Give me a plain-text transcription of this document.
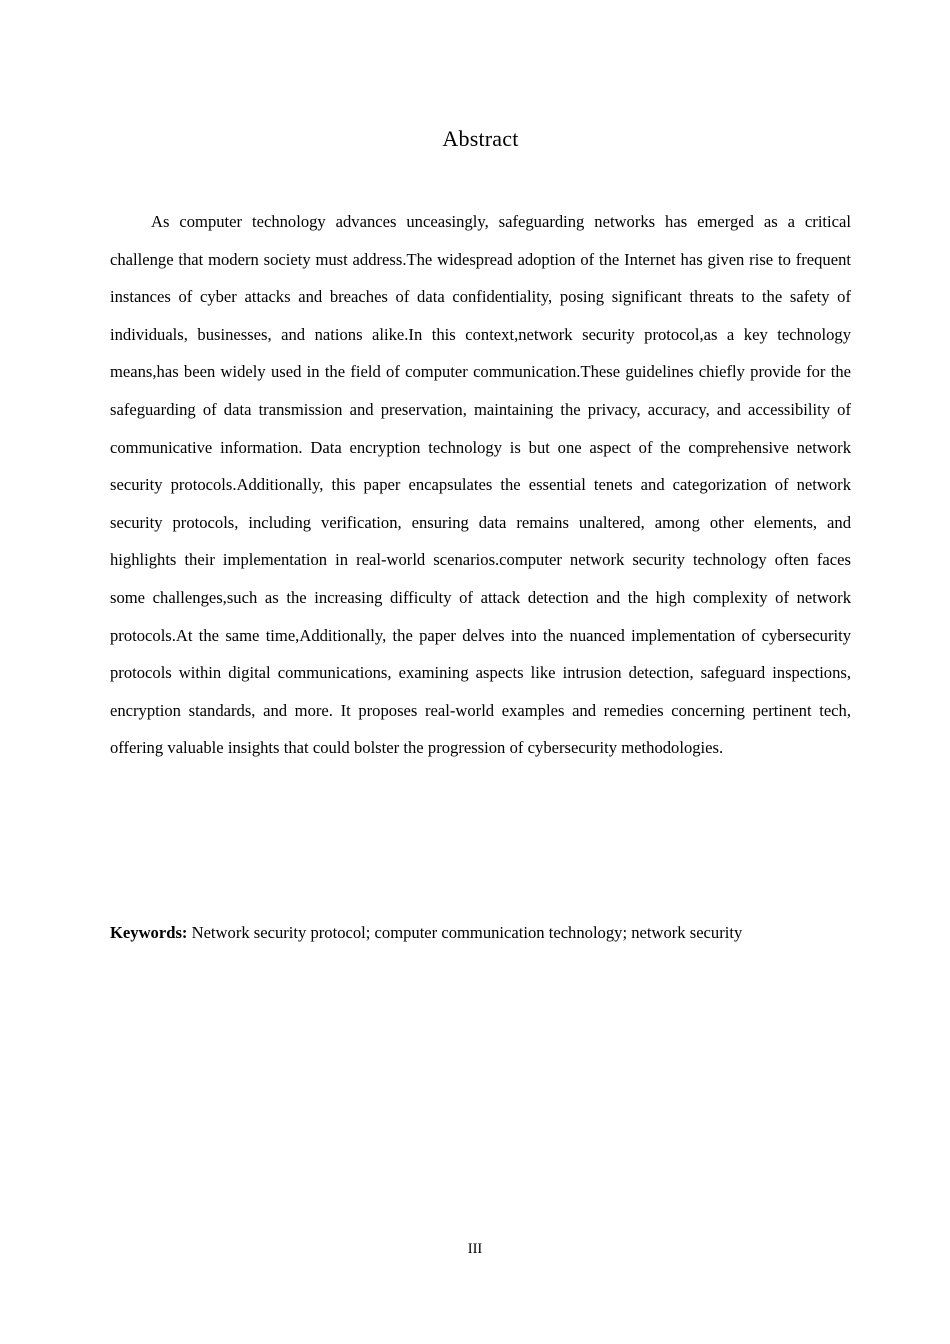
Abstract

As computer technology advances unceasingly, safeguarding networks has emerged as a critical challenge that modern society must address.The widespread adoption of the Internet has given rise to frequent instances of cyber attacks and breaches of data confidentiality, posing significant threats to the safety of individuals, businesses, and nations alike.In this context,network security protocol,as a key technology means,has been widely used in the field of computer communication.These guidelines chiefly provide for the safeguarding of data transmission and preservation, maintaining the privacy, accuracy, and accessibility of communicative information. Data encryption technology is but one aspect of the comprehensive network security protocols.Additionally, this paper encapsulates the essential tenets and categorization of network security protocols, including verification, ensuring data remains unaltered, among other elements, and highlights their implementation in real-world scenarios.computer network security technology often faces some challenges,such as the increasing difficulty of attack detection and the high complexity of network protocols.At the same time,Additionally, the paper delves into the nuanced implementation of cybersecurity protocols within digital communications, examining aspects like intrusion detection, safeguard inspections, encryption standards, and more. It proposes real-world examples and remedies concerning pertinent tech, offering valuable insights that could bolster the progression of cybersecurity methodologies.

Keywords: Network security protocol; computer communication technology; network security

III
